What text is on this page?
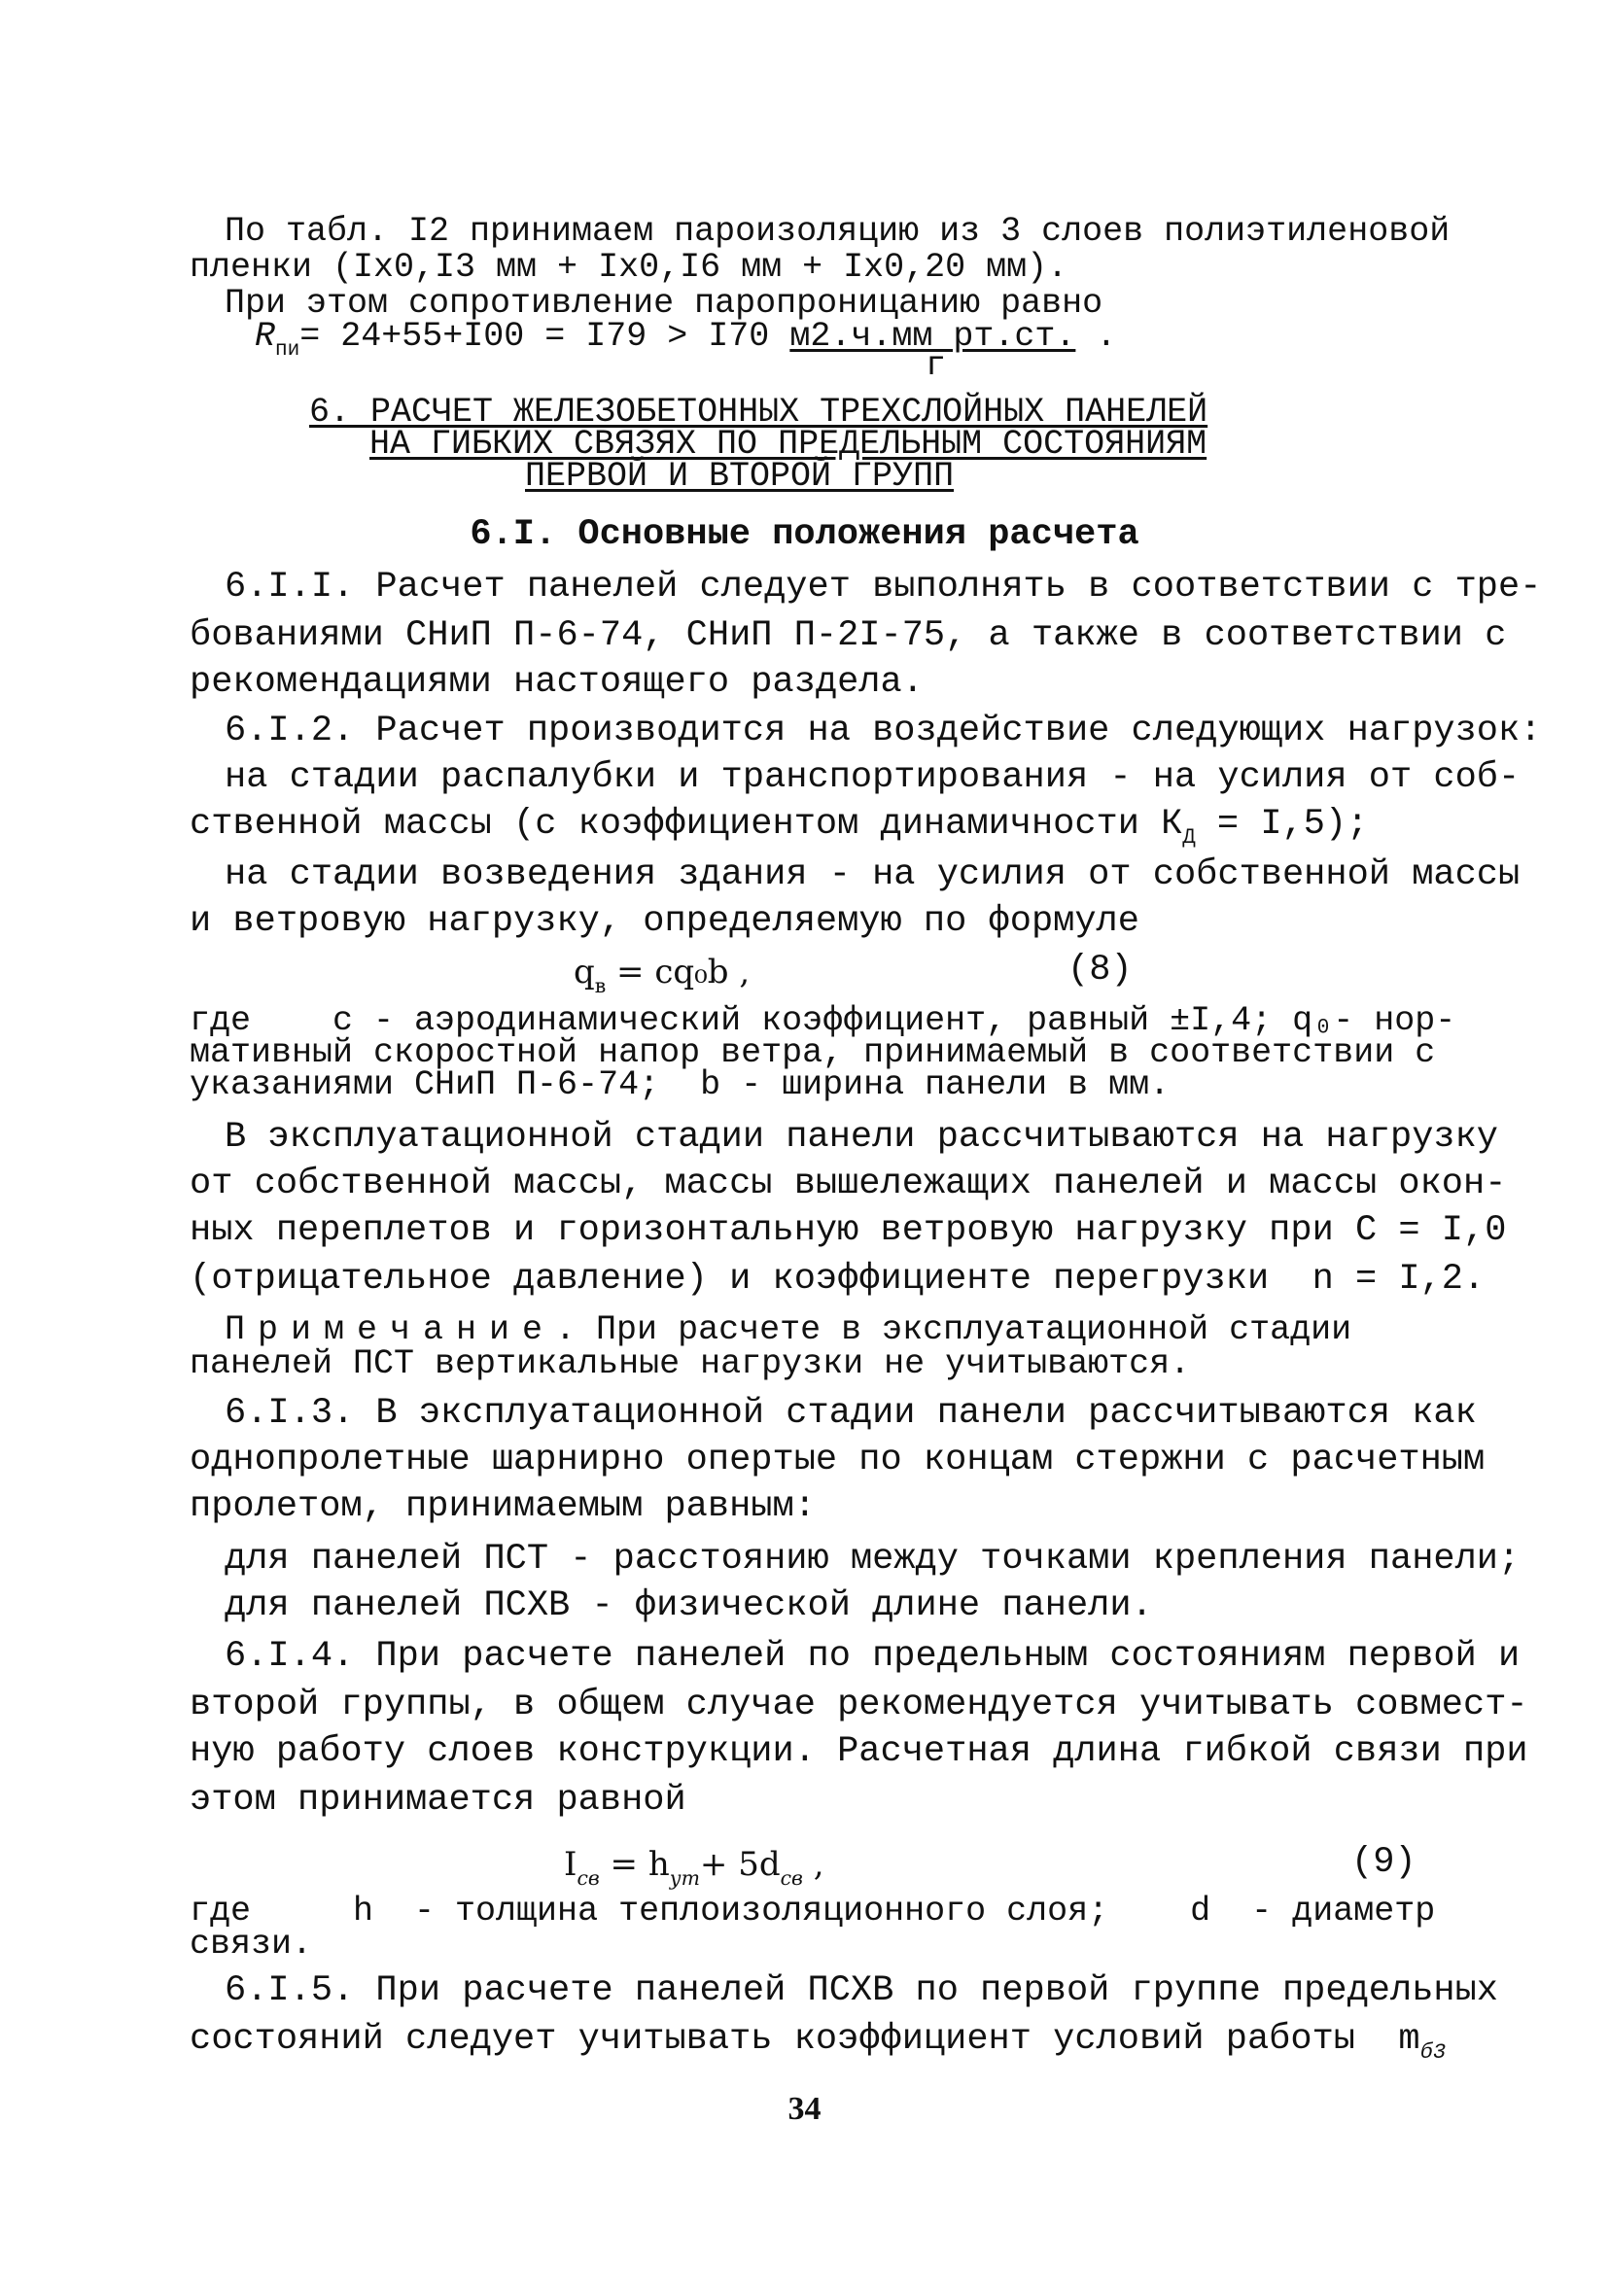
По табл. I2 принимаем пароизоляцию из 3 слоев полиэтиленовой

пленки (Iх0,I3 мм + Iх0,I6 мм + Iх0,20 мм).

При этом сопротивление паропроницанию равно

$R_{пи}= 24+55+I00 = I79 > I70$ м2.ч.мм рт.ст. .

г

6. РАСЧЕТ ЖЕЛЕЗОБЕТОННЫХ ТРЕХСЛОЙНЫХ ПАНЕЛЕЙ

НА ГИБКИХ СВЯЗЯХ ПО ПРЕДЕЛЬНЫМ СОСТОЯНИЯМ

ПЕРВОЙ И ВТОРОЙ ГРУПП

6.I. Основные положения расчета

6.I.I. Расчет панелей следует выполнять в соответствии с тре-

бованиями СНиП П-6-74, СНиП П-2I-75, а также в соответствии с

рекомендациями настоящего раздела.

6.I.2. Расчет производится на воздействие следующих нагрузок:

на стадии распалубки и транспортирования - на усилия от соб-

ственной массы (с коэффициентом динамичности $К_Д = I,5$);

на стадии возведения здания - на усилия от собственной массы

и ветровую нагрузку, определяемую по формуле

$q_в = cq_0b$ ,	(8)

где    с - аэродинамический коэффициент, равный ±I,4; q₀- нор-

мативный скоростной напор ветра, принимаемый в соответствии с

указаниями СНиП П-6-74;  b - ширина панели в мм.

В эксплуатационной стадии панели рассчитываются на нагрузку

от собственной массы, массы вышележащих панелей и массы окон-

ных переплетов и горизонтальную ветровую нагрузку при С = I,0

(отрицательное давление) и коэффициенте перегрузки  n = I,2.

Примечание. При расчете в эксплуатационной стадии

панелей ПСТ вертикальные нагрузки не учитываются.

6.I.3. В эксплуатационной стадии панели рассчитываются как

однопролетные шарнирно опертые по концам стержни с расчетным

пролетом, принимаемым равным:

для панелей ПСТ - расстоянию между точками крепления панели;

для панелей ПСХВ - физической длине панели.

6.I.4. При расчете панелей по предельным состояниям первой и

второй группы, в общем случае рекомендуется учитывать совмест-

ную работу слоев конструкции. Расчетная длина гибкой связи при

этом принимается равной

$I_{св} = h_{ут}+ 5d_{св}$ ,	(9)

где     h  - толщина теплоизоляционного слоя;    d  - диаметр

связи.

6.I.5. При расчете панелей ПСХВ по первой группе предельных

состояний следует учитывать коэффициент условий работы  $m_{б3}$

34
